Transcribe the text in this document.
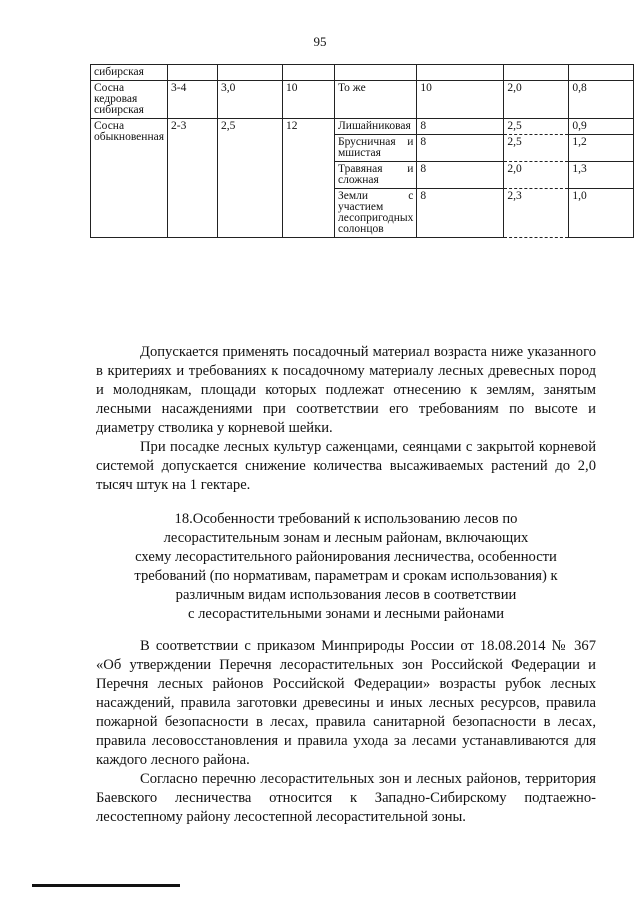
95
сибирская							
Сосна кедровая сибирская	3-4	3,0	10	То же	10	2,0	0,8
Сосна обыкновенная	2-3	2,5	12	Лишайниковая	8	2,5	0,9
				Брусничная и мшистая	8	2,5	1,2
				Травяная и сложная	8	2,0	1,3
				Земли с участием лесопригодных солонцов	8	2,3	1,0

Допускается применять посадочный материал возраста ниже указанного в критериях и требованиях к посадочному материалу лесных древесных пород и молоднякам, площади которых подлежат отнесению к землям, занятым лесными насаждениями при соответствии его требованиям по высоте и диаметру стволика у корневой шейки.

При посадке лесных культур саженцами, сеянцами с закрытой корневой системой допускается снижение количества высаживаемых растений до 2,0 тысяч штук на 1 гектаре.

18.Особенности требований к использованию лесов по
лесорастительным зонам и лесным районам, включающих
схему лесорастительного районирования лесничества, особенности
требований (по нормативам, параметрам и срокам использования) к
различным видам использования лесов в соответствии
с лесорастительными зонами и лесными районами

В соответствии с приказом Минприроды России от 18.08.2014 № 367 «Об утверждении Перечня лесорастительных зон Российской Федерации и Перечня лесных районов Российской Федерации» возрасты рубок лесных насаждений, правила заготовки древесины и иных лесных ресурсов, правила пожарной безопасности в лесах, правила санитарной безопасности в лесах, правила лесовосстановления и правила ухода за лесами устанавливаются для каждого лесного района.

Согласно перечню лесорастительных зон и лесных районов, территория Баевского лесничества относится к Западно-Сибирскому подтаежно-лесостепному району лесостепной лесорастительной зоны.
